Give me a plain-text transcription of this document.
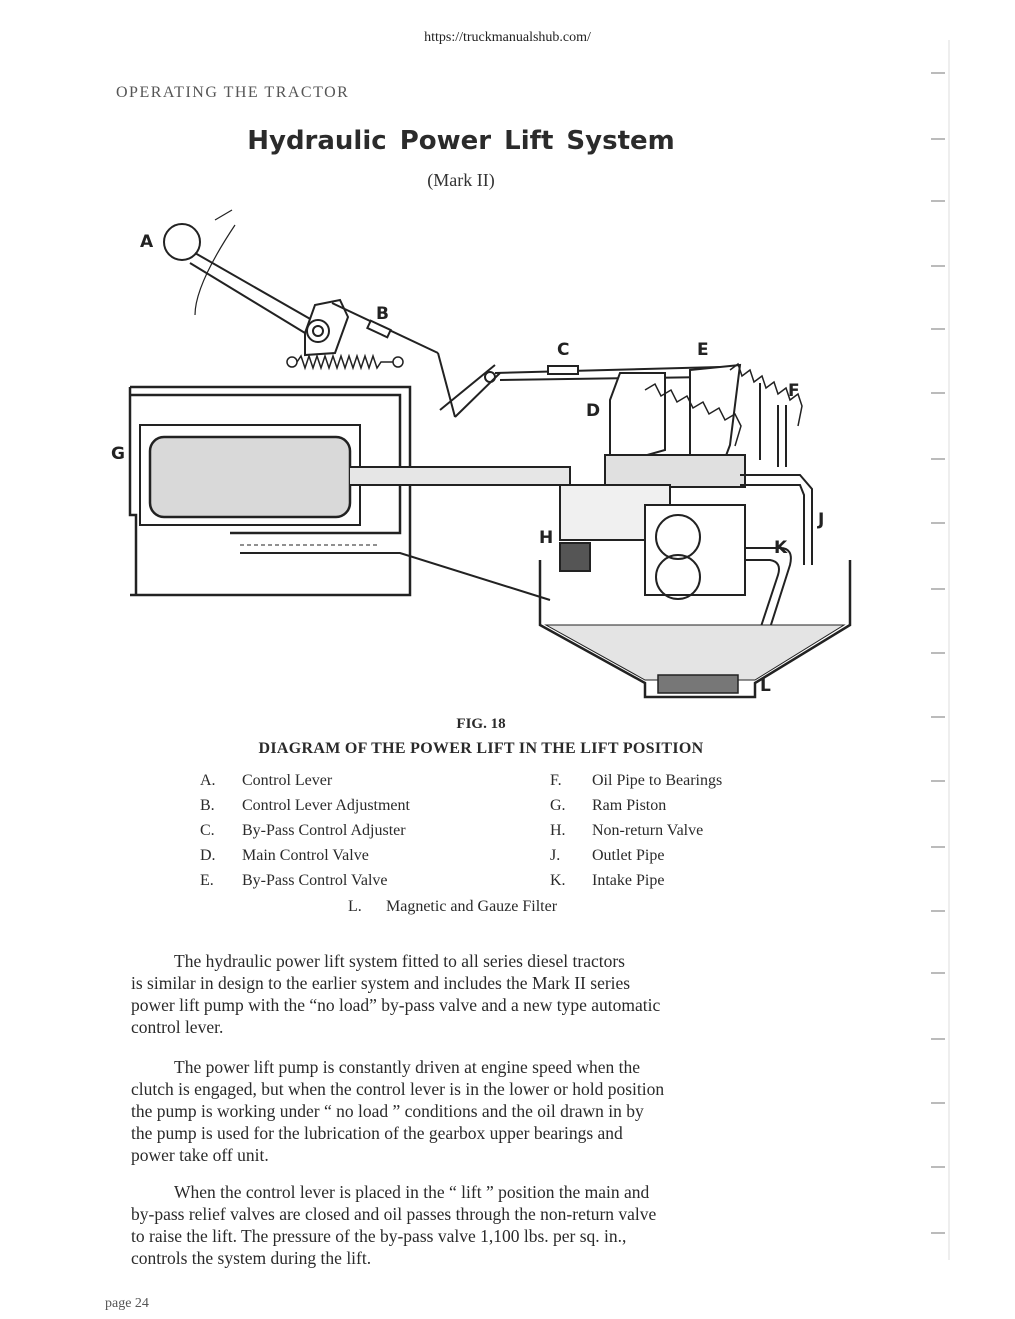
https://truckmanualshub.com/
OPERATING THE TRACTOR
Hydraulic Power Lift System
(Mark II)
A
B
C
D
E
F
G
H
J
K
L
FIG. 18
DIAGRAM OF THE POWER LIFT IN THE LIFT POSITION
A. Control Lever
B. Control Lever Adjustment
C. By-Pass Control Adjuster
D. Main Control Valve
E. By-Pass Control Valve
F. Oil Pipe to Bearings
G. Ram Piston
H. Non-return Valve
J. Outlet Pipe
K. Intake Pipe
L. Magnetic and Gauze Filter
The hydraulic power lift system fitted to all series diesel tractors
is similar in design to the earlier system and includes the Mark II series
power lift pump with the “no load” by-pass valve and a new type automatic
control lever.
The power lift pump is constantly driven at engine speed when the
clutch is engaged, but when the control lever is in the lower or hold position
the pump is working under “ no load ” conditions and the oil drawn in by
the pump is used for the lubrication of the gearbox upper bearings and
power take off unit.
When the control lever is placed in the “ lift ” position the main and
by-pass relief valves are closed and oil passes through the non-return valve
to raise the lift. The pressure of the by-pass valve 1,100 lbs. per sq. in.,
controls the system during the lift.
page 24
